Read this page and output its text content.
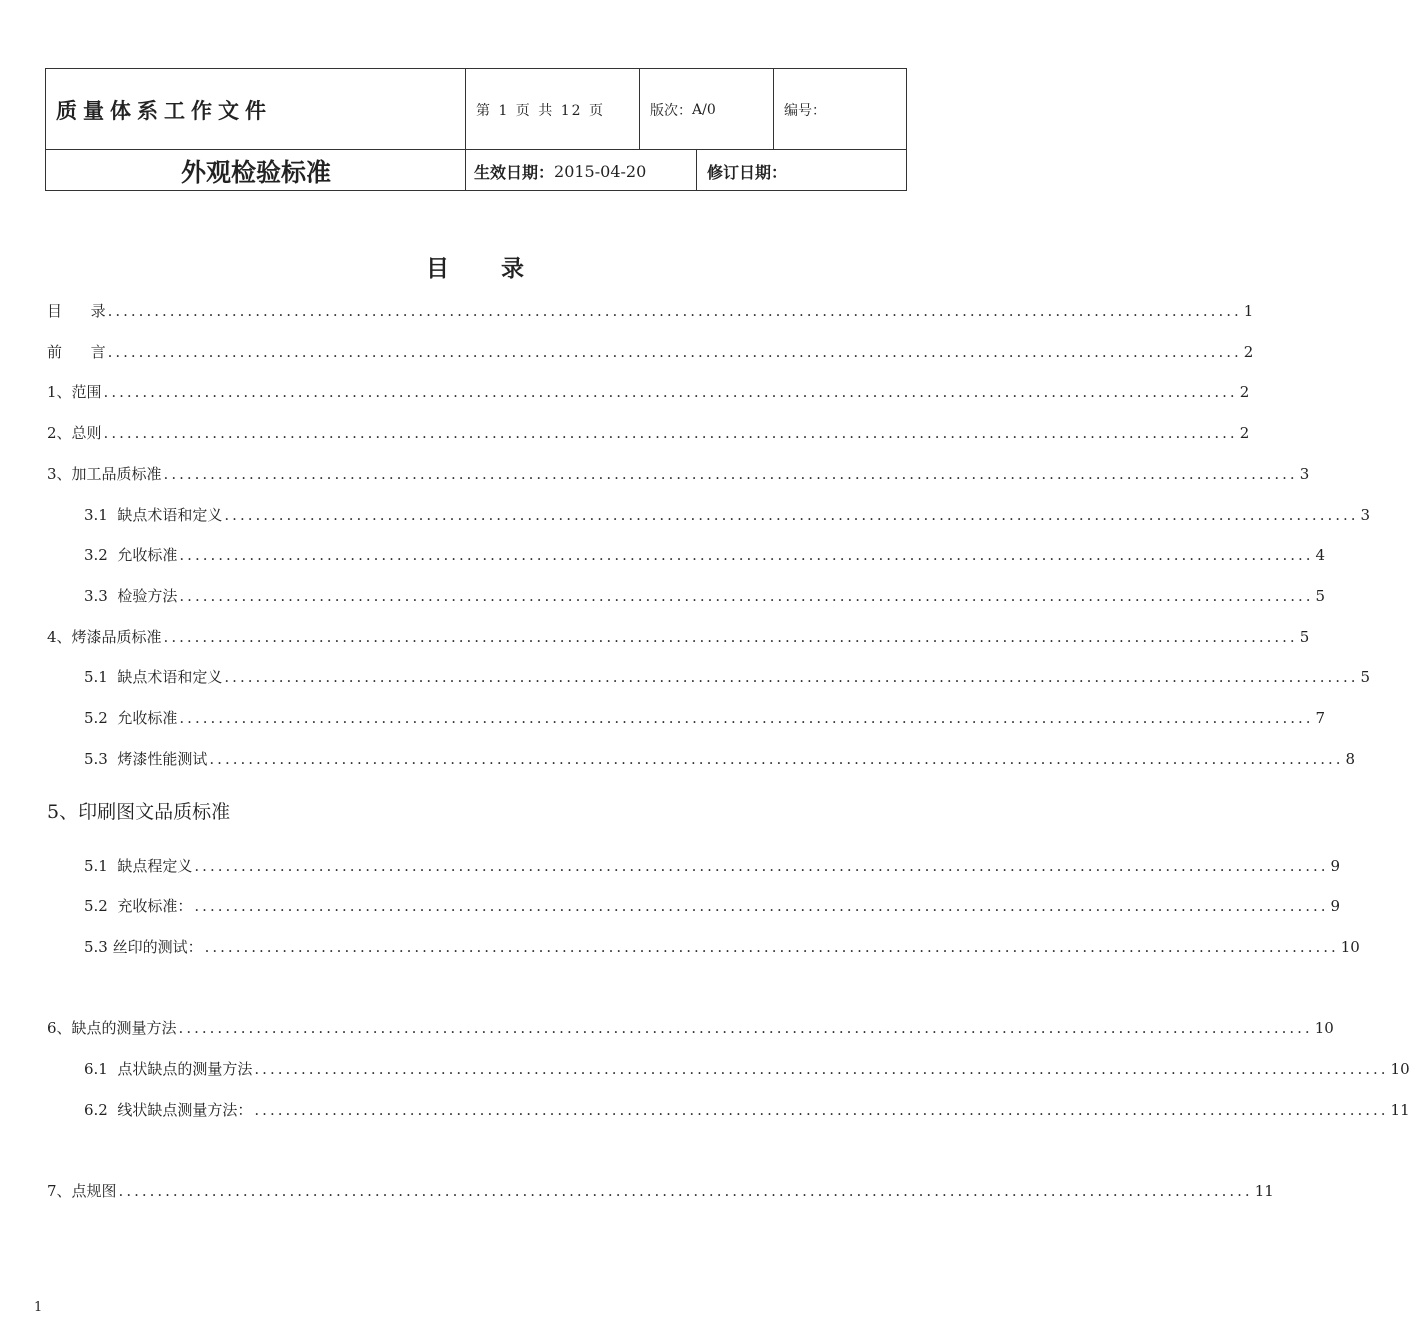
质量体系工作文件	第 1 页 共 12 页	版次： A/0	编号：
外观检验标准	生效日期： 2015-04-20	修订日期：
目 录
目      录 .................................................................................................................................................. 1
前      言 .................................................................................................................................................. 2
1、范围 .................................................................................................................................................. 2
2、总则 .................................................................................................................................................. 2
3、加工品质标准 .................................................................................................................................................. 3
3.1  缺点术语和定义 .................................................................................................................................................. 3
3.2  允收标准 .................................................................................................................................................. 4
3.3  检验方法 .................................................................................................................................................. 5
4、烤漆品质标准 .................................................................................................................................................. 5
5.1  缺点术语和定义 .................................................................................................................................................. 5
5.2  允收标准 .................................................................................................................................................. 7
5.3  烤漆性能测试 .................................................................................................................................................. 8
5、印刷图文品质标准
5.1  缺点程定义 .................................................................................................................................................. 9
5.2  充收标准： .................................................................................................................................................. 9
5.3 丝印的测试： .................................................................................................................................................. 10
6、缺点的测量方法 .................................................................................................................................................. 10
6.1  点状缺点的测量方法 .................................................................................................................................................. 10
6.2  线状缺点测量方法： .................................................................................................................................................. 11
7、点规图 .................................................................................................................................................. 11
1
